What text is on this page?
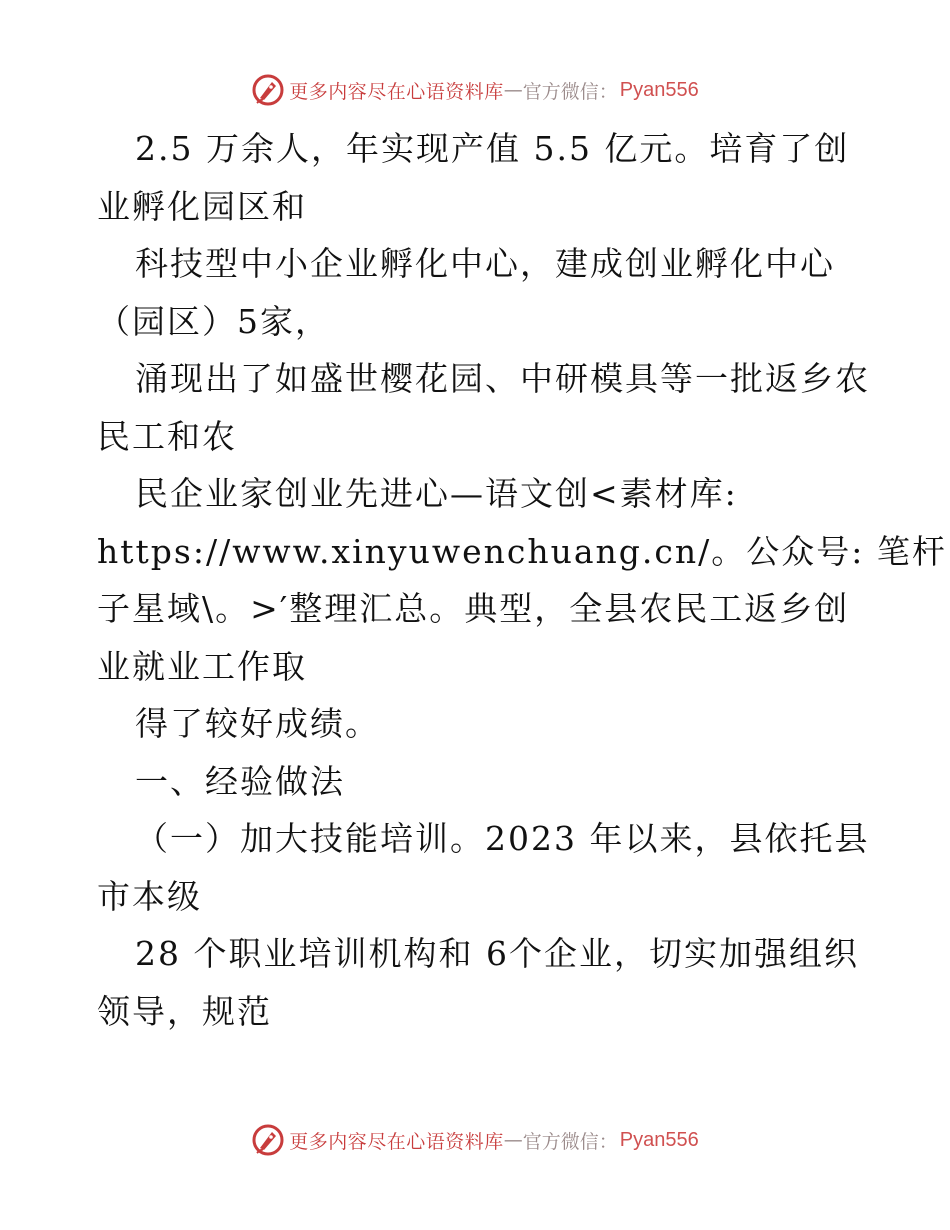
更多内容尽在心语资料库 — 官方微信： Pyan556
2.5 万余人，年实现产值 5.5 亿元。培育了创
业孵化园区和
科技型中小企业孵化中心，建成创业孵化中心
（园区）5家，
涌现出了如盛世樱花园、中研模具等一批返乡农
民工和农
民企业家创业先进心—语文创<素材库:
https://www.xinyuwenchuang.cn/。公众号: 笔杆
子星域\。>′整理汇总。典型，全县农民工返乡创
业就业工作取
得了较好成绩。
一、经验做法
（一）加大技能培训。2023 年以来，县依托县
市本级
28 个职业培训机构和 6个企业，切实加强组织
领导，规范
更多内容尽在心语资料库 — 官方微信： Pyan556
